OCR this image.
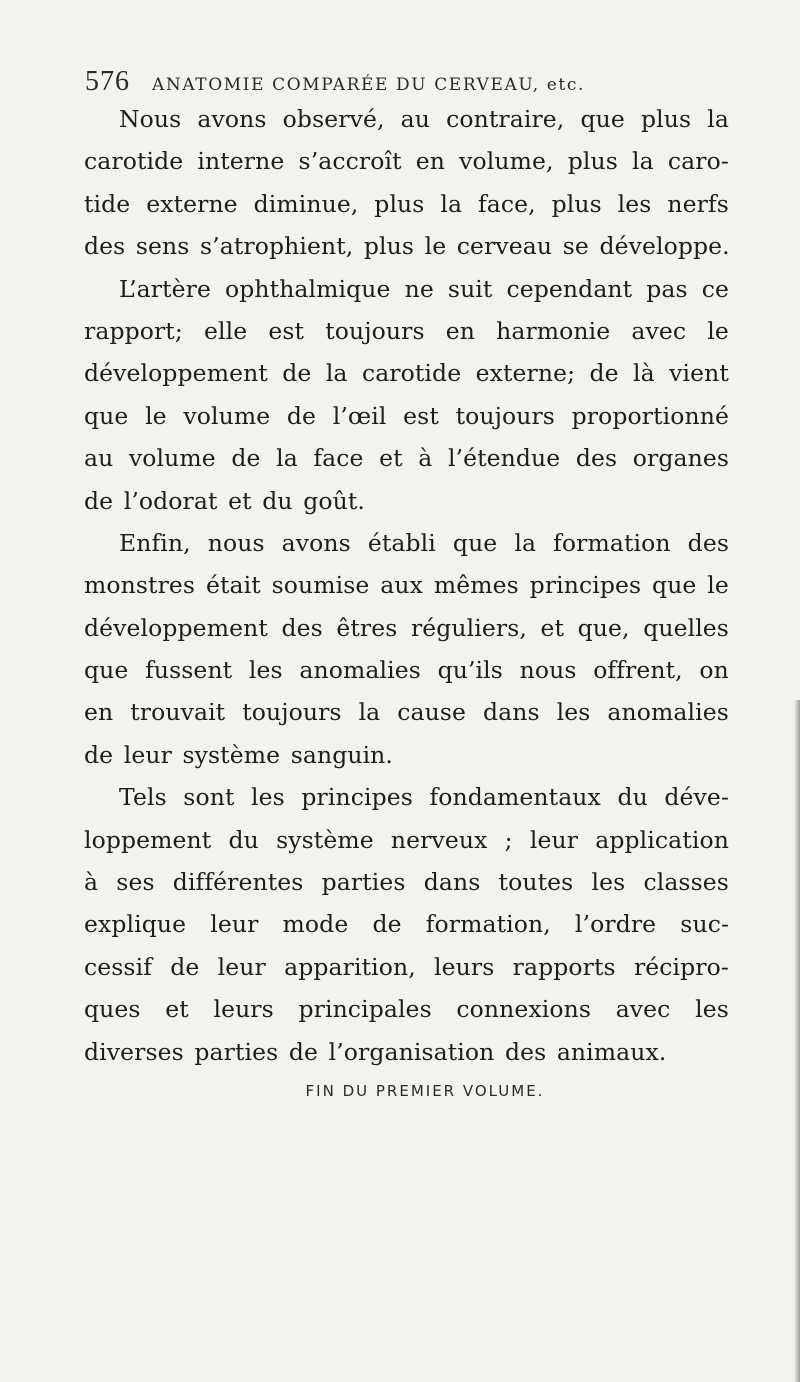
576 ANATOMIE COMPARÉE DU CERVEAU, etc.
Nous avons observé, au contraire, que plus la
carotide interne s’accroît en volume, plus la caro-
tide externe diminue, plus la face, plus les nerfs
des sens s’atrophient, plus le cerveau se développe.
L’artère ophthalmique ne suit cependant pas ce
rapport; elle est toujours en harmonie avec le
développement de la carotide externe; de là vient
que le volume de l’œil est toujours proportionné
au volume de la face et à l’étendue des organes
de l’odorat et du goût.
Enfin, nous avons établi que la formation des
monstres était soumise aux mêmes principes que le
développement des êtres réguliers, et que, quelles
que fussent les anomalies qu’ils nous offrent, on
en trouvait toujours la cause dans les anomalies
de leur système sanguin.
Tels sont les principes fondamentaux du déve-
loppement du système nerveux ; leur application
à ses différentes parties dans toutes les classes
explique leur mode de formation, l’ordre suc-
cessif de leur apparition, leurs rapports récipro-
ques et leurs principales connexions avec les
diverses parties de l’organisation des animaux.
FIN DU PREMIER VOLUME.
